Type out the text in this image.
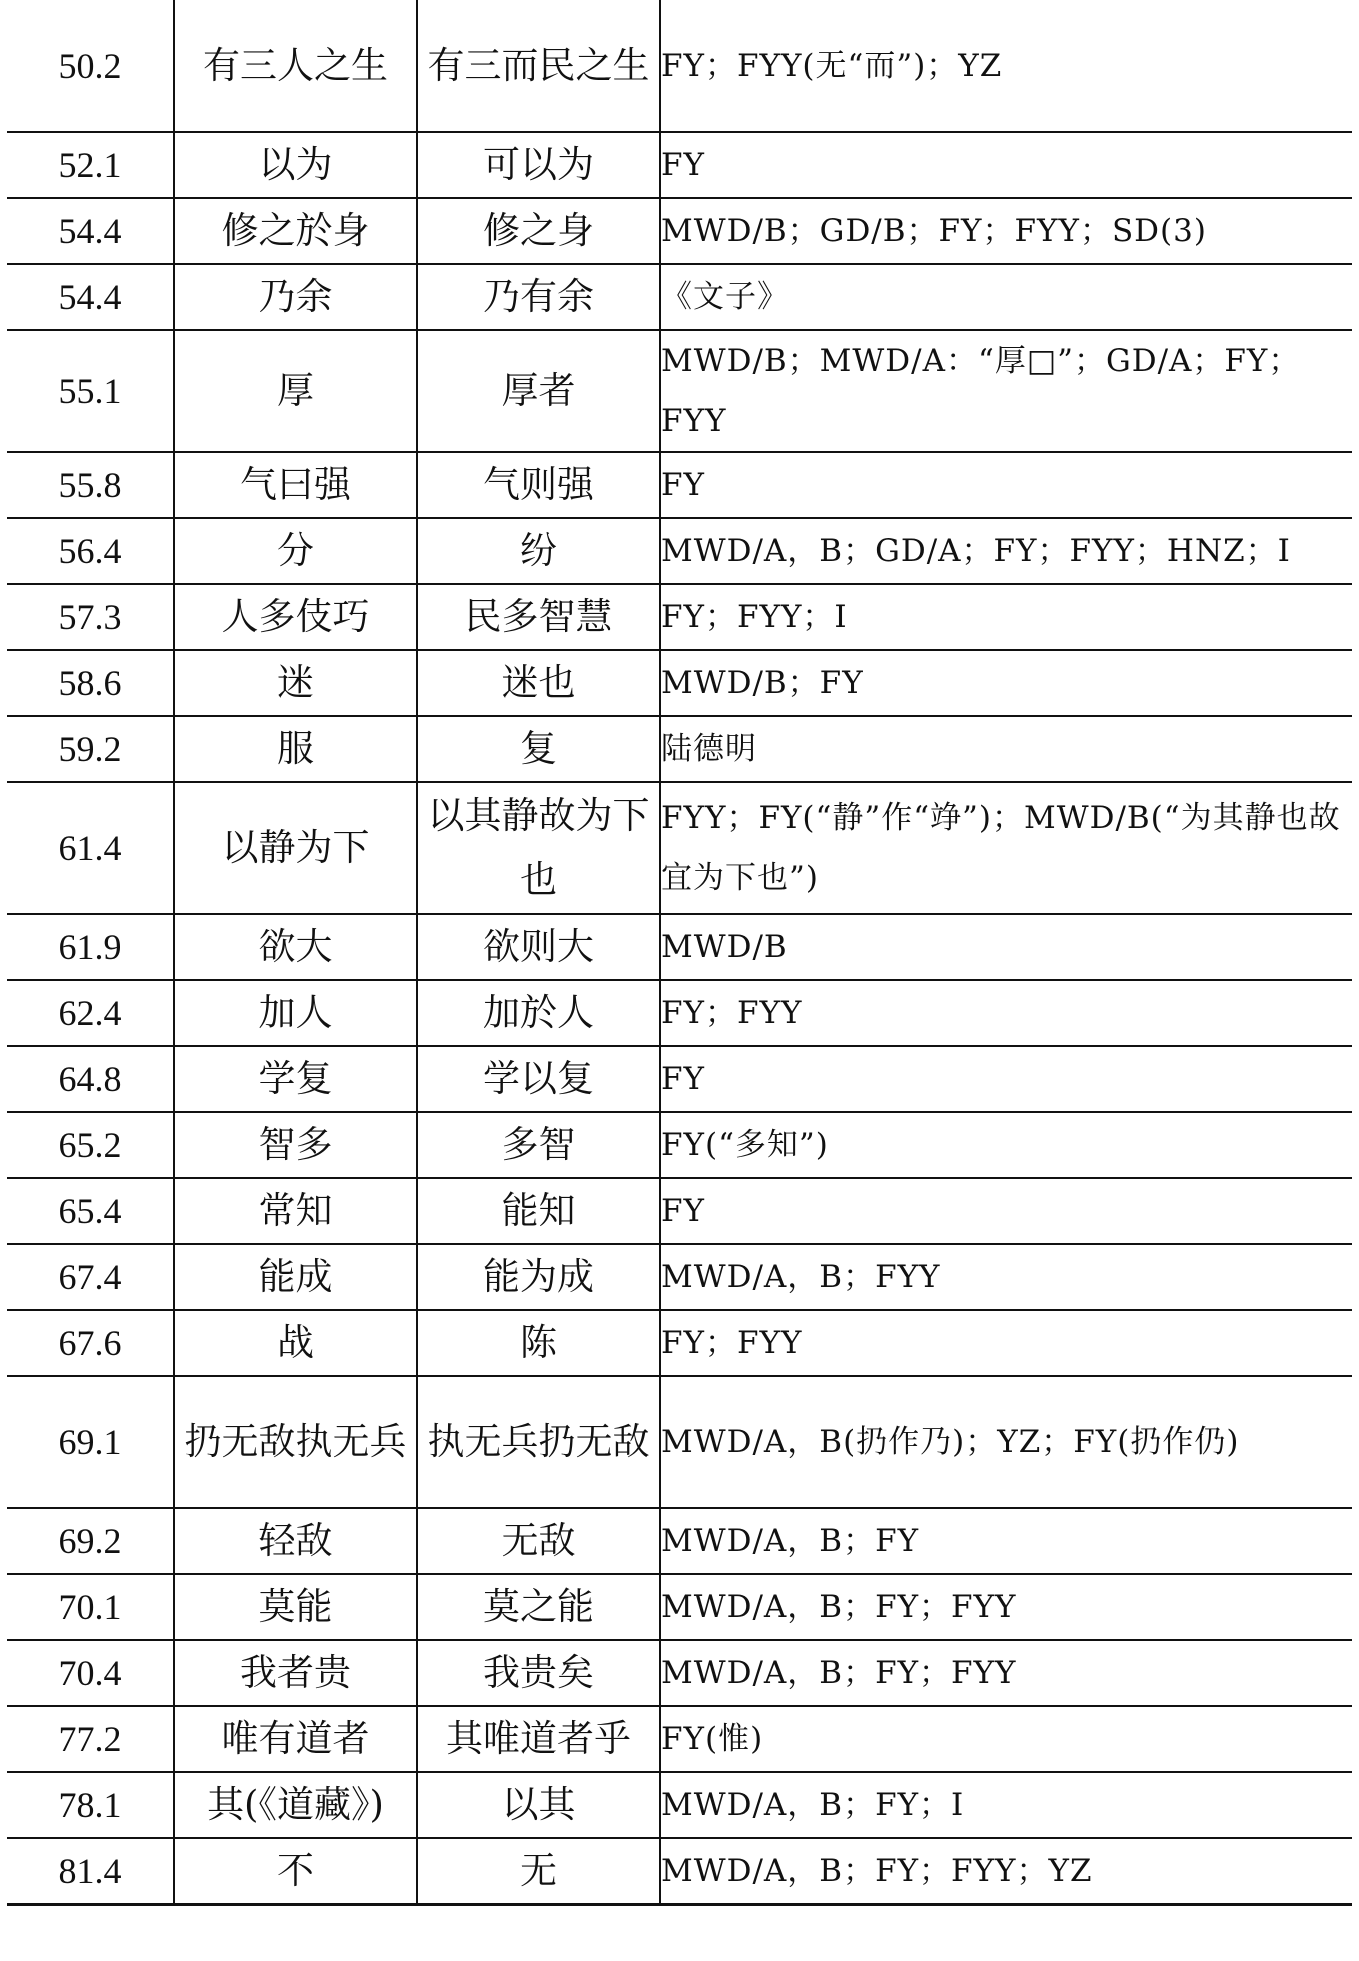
50.2	有三人之生	有三而民之生	FY；FYY(无“而”)；YZ
52.1	以为	可以为	FY
54.4	修之於身	修之身	MWD/B；GD/B；FY；FYY；SD(3)
54.4	乃余	乃有余	《文子》
55.1	厚	厚者	MWD/B；MWD/A：“厚□”；GD/A；FY；FYY
55.8	气曰强	气则强	FY
56.4	分	纷	MWD/A，B；GD/A；FY；FYY；HNZ；I
57.3	人多伎巧	民多智慧	FY；FYY；I
58.6	迷	迷也	MWD/B；FY
59.2	服	复	陆德明
61.4	以静为下	以其静故为下也	FYY；FY(“静”作“竫”)；MWD/B(“为其静也故宜为下也”)
61.9	欲大	欲则大	MWD/B
62.4	加人	加於人	FY；FYY
64.8	学复	学以复	FY
65.2	智多	多智	FY(“多知”)
65.4	常知	能知	FY
67.4	能成	能为成	MWD/A，B；FYY
67.6	战	陈	FY；FYY
69.1	扔无敌执无兵	执无兵扔无敌	MWD/A，B(扔作乃)；YZ；FY(扔作仍)
69.2	轻敌	无敌	MWD/A，B；FY
70.1	莫能	莫之能	MWD/A，B；FY；FYY
70.4	我者贵	我贵矣	MWD/A，B；FY；FYY
77.2	唯有道者	其唯道者乎	FY(惟)
78.1	其(《道藏》)	以其	MWD/A，B；FY；I
81.4	不	无	MWD/A，B；FY；FYY；YZ
